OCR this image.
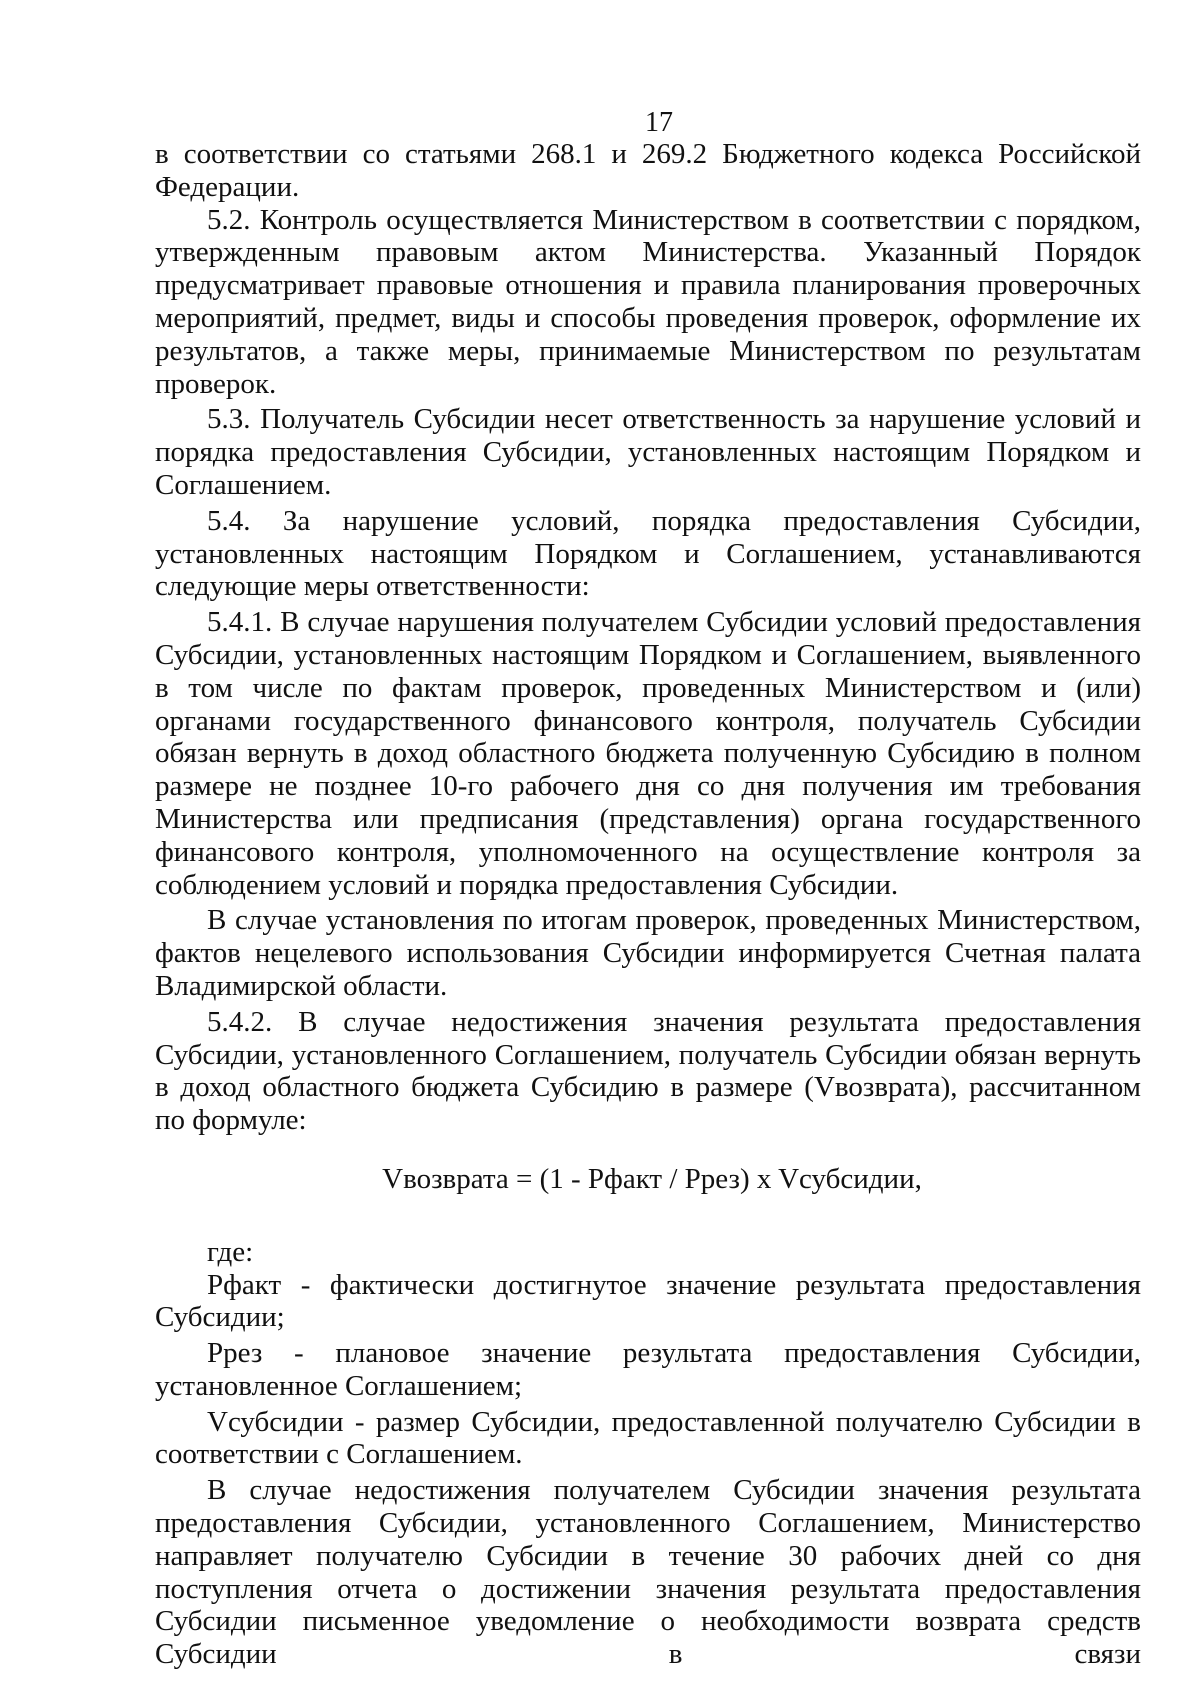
17

в соответствии со статьями 268.1 и 269.2 Бюджетного кодекса Российской Федерации.

5.2. Контроль осуществляется Министерством в соответствии с порядком, утвержденным правовым актом Министерства. Указанный Порядок предусматривает правовые отношения и правила планирования проверочных мероприятий, предмет, виды и способы проведения проверок, оформление их результатов, а также меры, принимаемые Министерством по результатам проверок.

5.3. Получатель Субсидии несет ответственность за нарушение условий и порядка предоставления Субсидии, установленных настоящим Порядком и Соглашением.

5.4. За нарушение условий, порядка предоставления Субсидии, установленных настоящим Порядком и Соглашением, устанавливаются следующие меры ответственности:

5.4.1. В случае нарушения получателем Субсидии условий предоставления Субсидии, установленных настоящим Порядком и Соглашением, выявленного в том числе по фактам проверок, проведенных Министерством и (или) органами государственного финансового контроля, получатель Субсидии обязан вернуть в доход областного бюджета полученную Субсидию в полном размере не позднее 10-го рабочего дня со дня получения им требования Министерства или предписания (представления) органа государственного финансового контроля, уполномоченного на осуществление контроля за соблюдением условий и порядка предоставления Субсидии.

В случае установления по итогам проверок, проведенных Министерством, фактов нецелевого использования Субсидии информируется Счетная палата Владимирской области.

5.4.2. В случае недостижения значения результата предоставления Субсидии, установленного Соглашением, получатель Субсидии обязан вернуть в доход областного бюджета Субсидию в размере (Vвозврата), рассчитанном по формуле:

Vвозврата = (1 - Рфакт / Ррез) x Vсубсидии,

где:

Рфакт - фактически достигнутое значение результата предоставления Субсидии;

Ррез - плановое значение результата предоставления Субсидии, установленное Соглашением;

Vсубсидии - размер Субсидии, предоставленной получателю Субсидии в соответствии с Соглашением.

В случае недостижения получателем Субсидии значения результата предоставления Субсидии, установленного Соглашением, Министерство направляет получателю Субсидии в течение 30 рабочих дней со дня поступления отчета о достижении значения результата предоставления Субсидии письменное уведомление о необходимости возврата средств Субсидии в связи
